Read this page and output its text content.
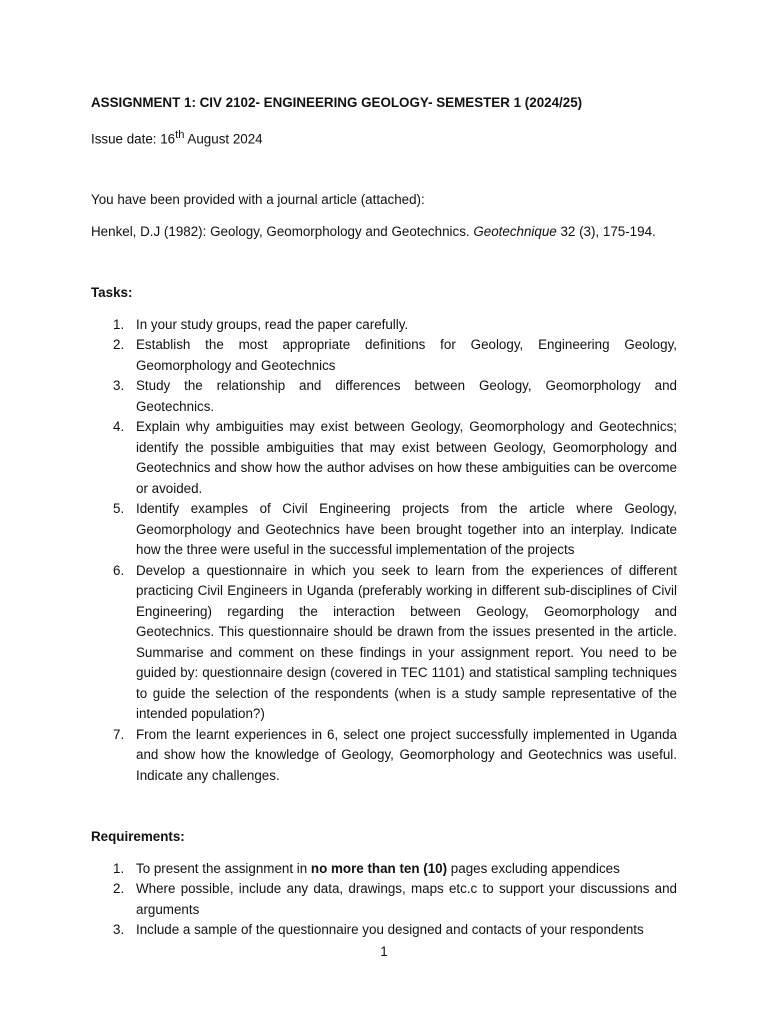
ASSIGNMENT 1: CIV 2102- ENGINEERING GEOLOGY- SEMESTER 1 (2024/25)

Issue date: 16th August 2024

You have been provided with a journal article (attached):

Henkel, D.J (1982): Geology, Geomorphology and Geotechnics. Geotechnique 32 (3), 175-194.

Tasks:

1. In your study groups, read the paper carefully.
2. Establish the most appropriate definitions for Geology, Engineering Geology, Geomorphology and Geotechnics
3. Study the relationship and differences between Geology, Geomorphology and Geotechnics.
4. Explain why ambiguities may exist between Geology, Geomorphology and Geotechnics; identify the possible ambiguities that may exist between Geology, Geomorphology and Geotechnics and show how the author advises on how these ambiguities can be overcome or avoided.
5. Identify examples of Civil Engineering projects from the article where Geology, Geomorphology and Geotechnics have been brought together into an interplay. Indicate how the three were useful in the successful implementation of the projects
6. Develop a questionnaire in which you seek to learn from the experiences of different practicing Civil Engineers in Uganda (preferably working in different sub-disciplines of Civil Engineering) regarding the interaction between Geology, Geomorphology and Geotechnics. This questionnaire should be drawn from the issues presented in the article. Summarise and comment on these findings in your assignment report. You need to be guided by: questionnaire design (covered in TEC 1101) and statistical sampling techniques to guide the selection of the respondents (when is a study sample representative of the intended population?)
7. From the learnt experiences in 6, select one project successfully implemented in Uganda and show how the knowledge of Geology, Geomorphology and Geotechnics was useful. Indicate any challenges.

Requirements:

1. To present the assignment in no more than ten (10) pages excluding appendices
2. Where possible, include any data, drawings, maps etc.c to support your discussions and arguments
3. Include a sample of the questionnaire you designed and contacts of your respondents
1
